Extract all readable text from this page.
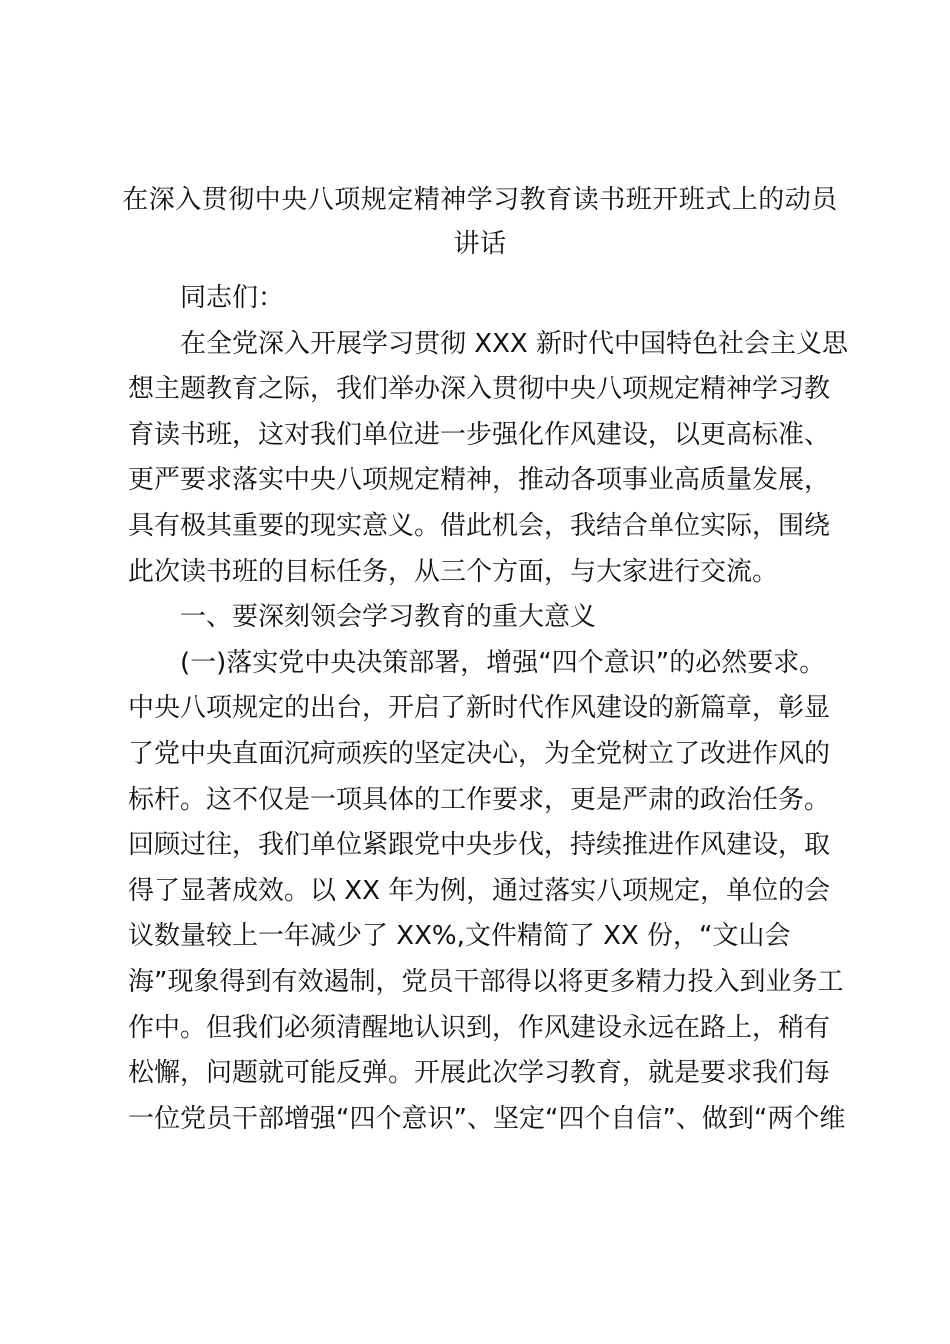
在深入贯彻中央八项规定精神学习教育读书班开班式上的动员
讲话
同志们：
在全党深入开展学习贯彻 XXX 新时代中国特色社会主义思
想主题教育之际，我们举办深入贯彻中央八项规定精神学习教
育读书班，这对我们单位进一步强化作风建设，以更高标准、
更严要求落实中央八项规定精神，推动各项事业高质量发展，
具有极其重要的现实意义。借此机会，我结合单位实际，围绕
此次读书班的目标任务，从三个方面，与大家进行交流。
一、要深刻领会学习教育的重大意义
(一)落实党中央决策部署，增强“四个意识”的必然要求。
中央八项规定的出台，开启了新时代作风建设的新篇章，彰显
了党中央直面沉疴顽疾的坚定决心，为全党树立了改进作风的
标杆。这不仅是一项具体的工作要求，更是严肃的政治任务。
回顾过往，我们单位紧跟党中央步伐，持续推进作风建设，取
得了显著成效。以 XX 年为例，通过落实八项规定，单位的会
议数量较上一年减少了 XX%,文件精简了 XX 份，“文山会
海”现象得到有效遏制，党员干部得以将更多精力投入到业务工
作中。但我们必须清醒地认识到，作风建设永远在路上，稍有
松懈，问题就可能反弹。开展此次学习教育，就是要求我们每
一位党员干部增强“四个意识”、坚定“四个自信”、做到“两个维
